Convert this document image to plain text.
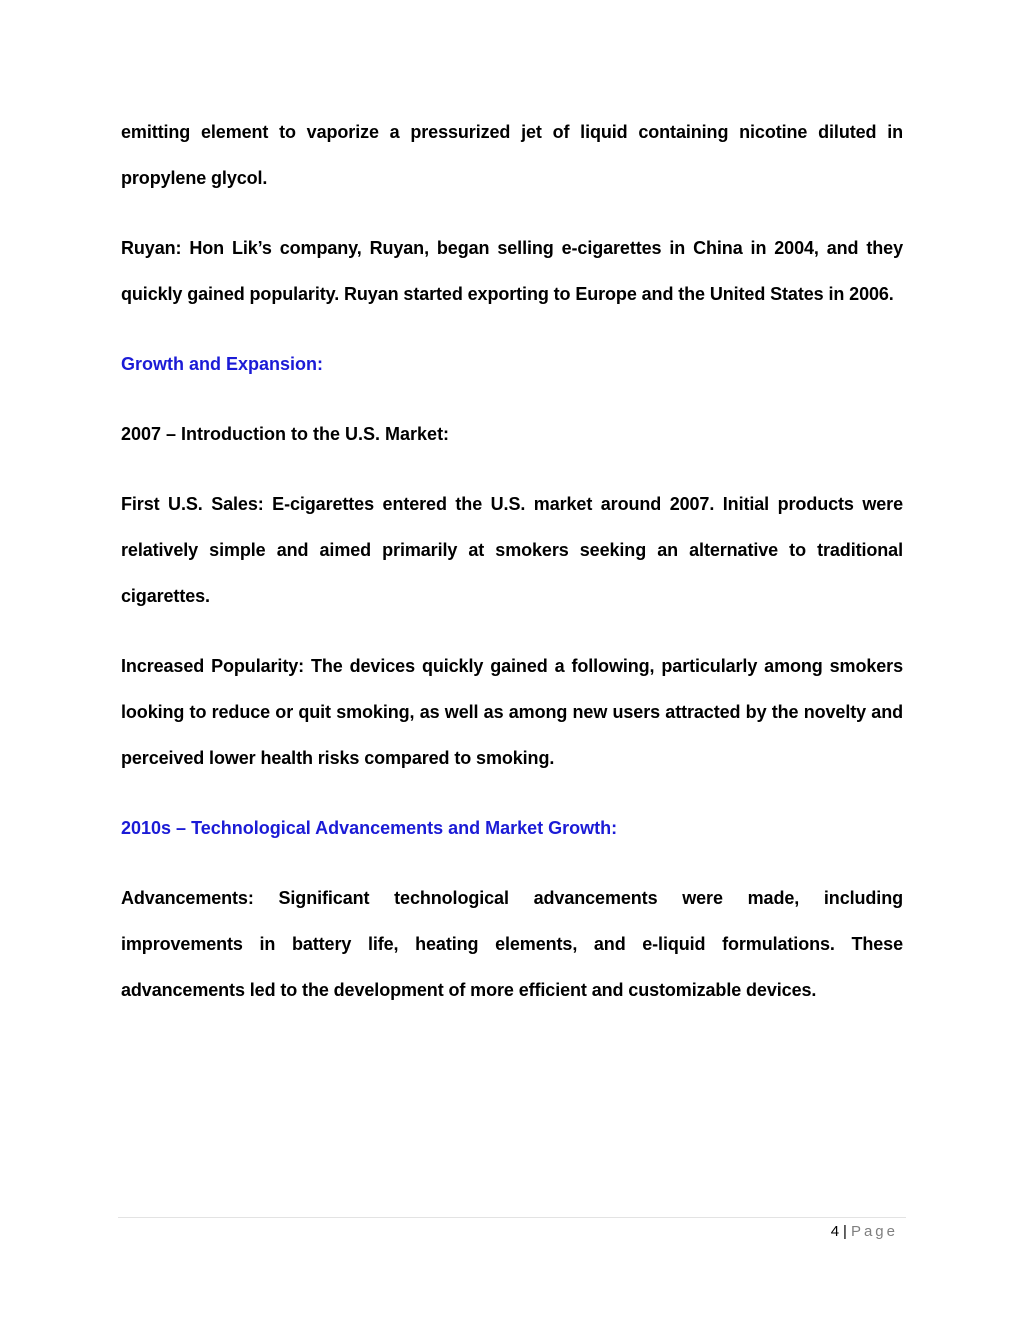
emitting element to vaporize a pressurized jet of liquid containing nicotine diluted in propylene glycol.

Ruyan: Hon Lik’s company, Ruyan, began selling e-cigarettes in China in 2004, and they quickly gained popularity. Ruyan started exporting to Europe and the United States in 2006.

Growth and Expansion:

2007 – Introduction to the U.S. Market:

First U.S. Sales: E-cigarettes entered the U.S. market around 2007. Initial products were relatively simple and aimed primarily at smokers seeking an alternative to traditional cigarettes.

Increased Popularity: The devices quickly gained a following, particularly among smokers looking to reduce or quit smoking, as well as among new users attracted by the novelty and perceived lower health risks compared to smoking.

2010s – Technological Advancements and Market Growth:

Advancements: Significant technological advancements were made, including improvements in battery life, heating elements, and e-liquid formulations. These advancements led to the development of more efficient and customizable devices.

4 | Page
